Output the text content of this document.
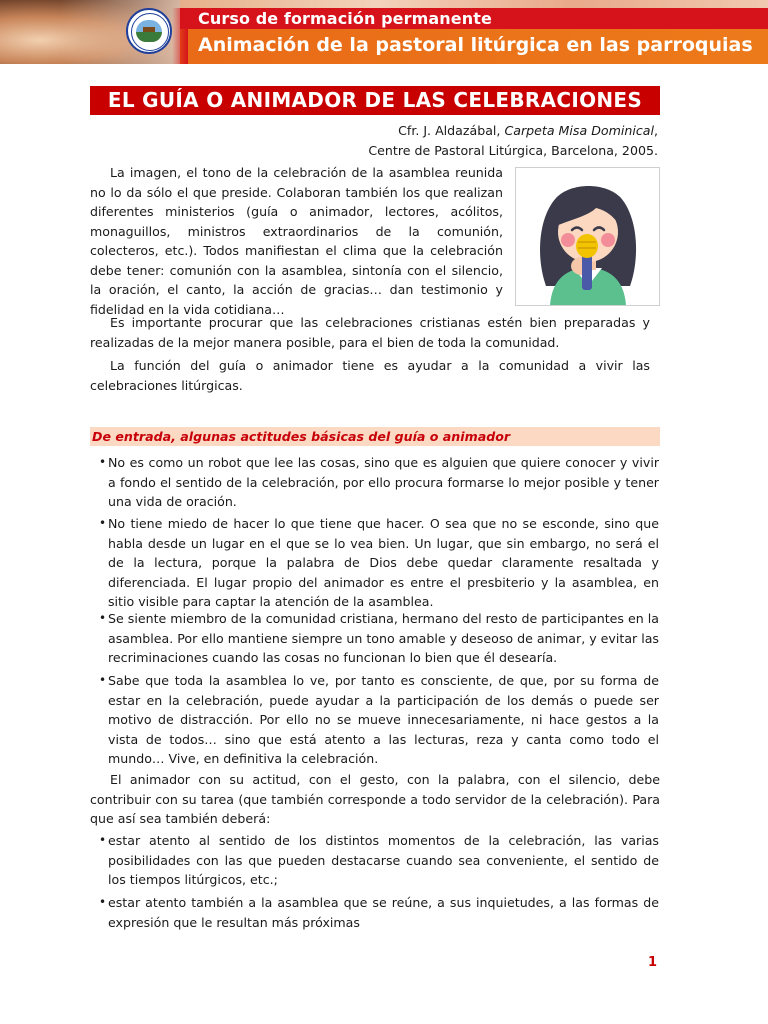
Curso de formación permanente
Animación de la pastoral litúrgica en las parroquias
EL GUÍA O ANIMADOR DE LAS CELEBRACIONES
Cfr. J. Aldazábal, Carpeta Misa Dominical,
Centre de Pastoral Litúrgica, Barcelona, 2005.
La imagen, el tono de la celebración de la asamblea reunida no lo da sólo el que preside. Colaboran también los que realizan diferentes ministerios (guía o animador, lectores, acólitos, monaguillos, ministros extraordinarios de la comunión, colecteros, etc.). Todos manifiestan el clima que la celebración debe tener: comunión con la asamblea, sintonía con el silencio, la oración, el canto, la acción de gracias… dan testimonio y fidelidad en la vida cotidiana…
Es importante procurar que las celebraciones cristianas estén bien preparadas y realizadas de la mejor manera posible, para el bien de toda la comunidad.
La función del guía o animador tiene es ayudar a la comunidad a vivir las celebraciones litúrgicas.
De entrada, algunas actitudes básicas del guía o animador
• No es como un robot que lee las cosas, sino que es alguien que quiere conocer y vivir a fondo el sentido de la celebración, por ello procura formarse lo mejor posible y tener una vida de oración.
• No tiene miedo de hacer lo que tiene que hacer. O sea que no se esconde, sino que habla desde un lugar en el que se lo vea bien. Un lugar, que sin embargo, no será el de la lectura, porque la palabra de Dios debe quedar claramente resaltada y diferenciada. El lugar propio del animador es entre el presbiterio y la asamblea, en sitio visible para captar la atención de la asamblea.
• Se siente miembro de la comunidad cristiana, hermano del resto de participantes en la asamblea. Por ello mantiene siempre un tono amable y deseoso de animar, y evitar las recriminaciones cuando las cosas no funcionan lo bien que él desearía.
• Sabe que toda la asamblea lo ve, por tanto es consciente, de que, por su forma de estar en la celebración, puede ayudar a la participación de los demás o puede ser motivo de distracción. Por ello no se mueve innecesariamente, ni hace gestos a la vista de todos… sino que está atento a las lecturas, reza y canta como todo el mundo… Vive, en definitiva la celebración.
El animador con su actitud, con el gesto, con la palabra, con el silencio, debe contribuir con su tarea (que también corresponde a todo servidor de la celebración). Para que así sea también deberá:
• estar atento al sentido de los distintos momentos de la celebración, las varias posibilidades con las que pueden destacarse cuando sea conveniente, el sentido de los tiempos litúrgicos, etc.;
• estar atento también a la asamblea que se reúne, a sus inquietudes, a las formas de expresión que le resultan más próximas
1
